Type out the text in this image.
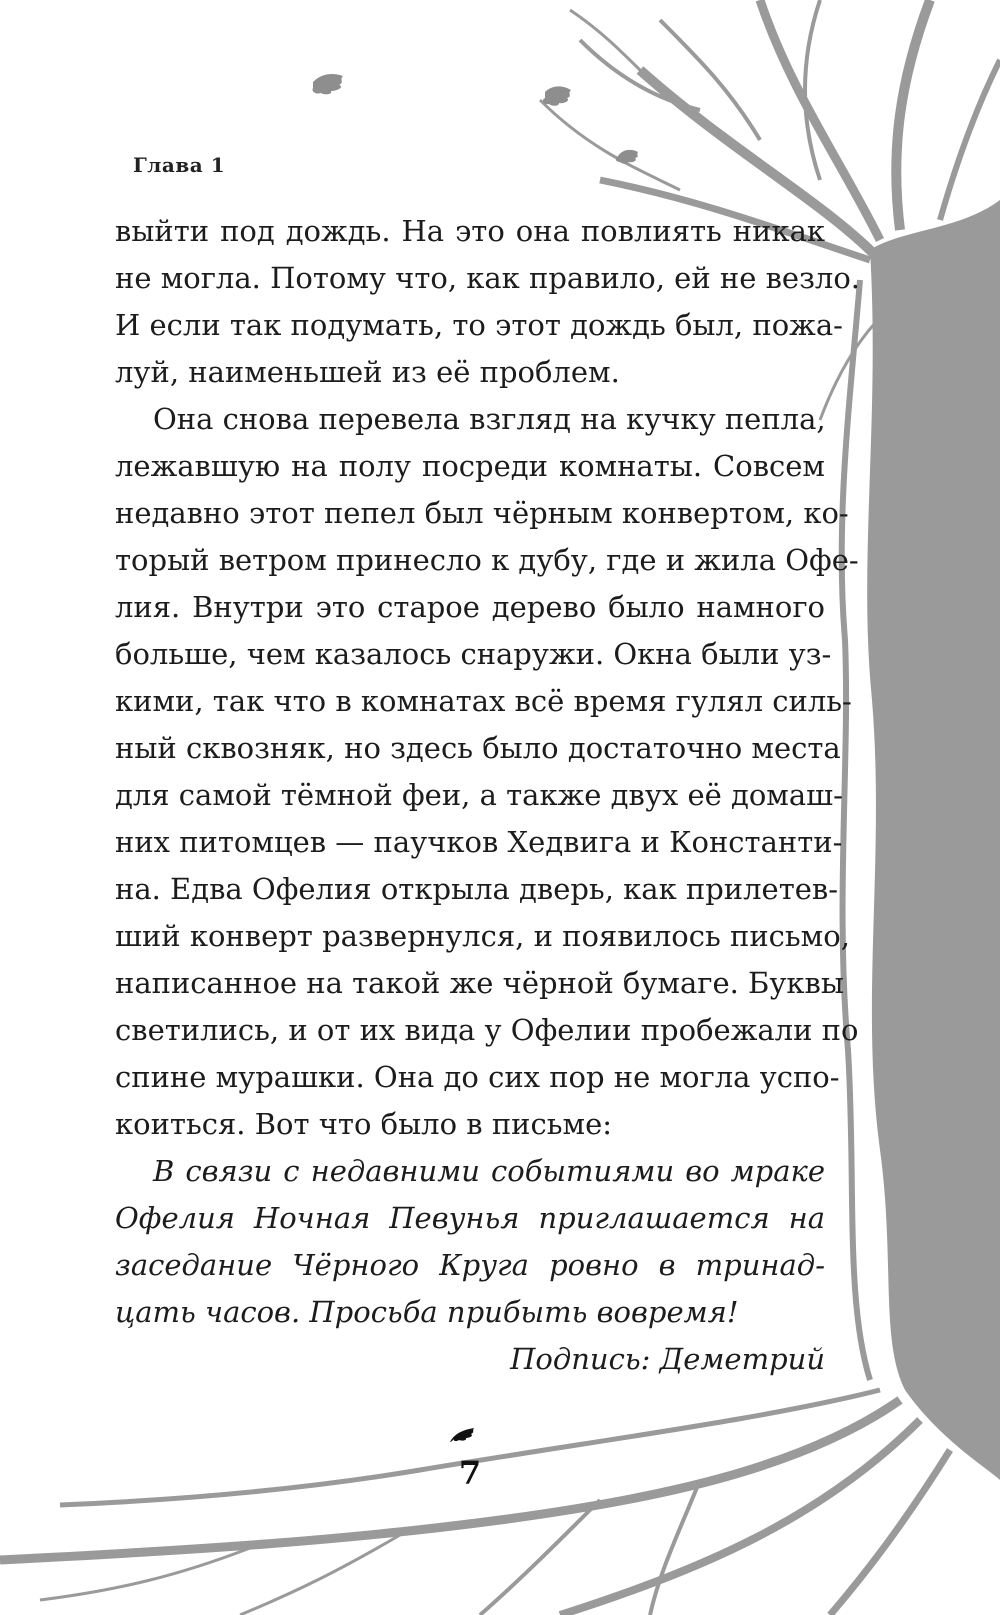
Глава 1
выйти под дождь. На это она повлиять никак
не могла. Потому что, как правило, ей не везло.
И если так подумать, то этот дождь был, пожа-
луй, наименьшей из её проблем.
Она снова перевела взгляд на кучку пепла,
лежавшую на полу посреди комнаты. Совсем
недавно этот пепел был чёрным конвертом, ко-
торый ветром принесло к дубу, где и жила Офе-
лия. Внутри это старое дерево было намного
больше, чем казалось снаружи. Окна были уз-
кими, так что в комнатах всё время гулял силь-
ный сквозняк, но здесь было достаточно места
для самой тёмной феи, а также двух её домаш-
них питомцев — паучков Хедвига и Константи-
на. Едва Офелия открыла дверь, как прилетев-
ший конверт развернулся, и появилось письмо,
написанное на такой же чёрной бумаге. Буквы
светились, и от их вида у Офелии пробежали по
спине мурашки. Она до сих пор не могла успо-
коиться. Вот что было в письме:
В связи с недавними событиями во мраке
Офелия Ночная Певунья приглашается на
заседание Чёрного Круга ровно в тринад-
цать часов. Просьба прибыть вовремя!
Подпись: Деметрий
7
